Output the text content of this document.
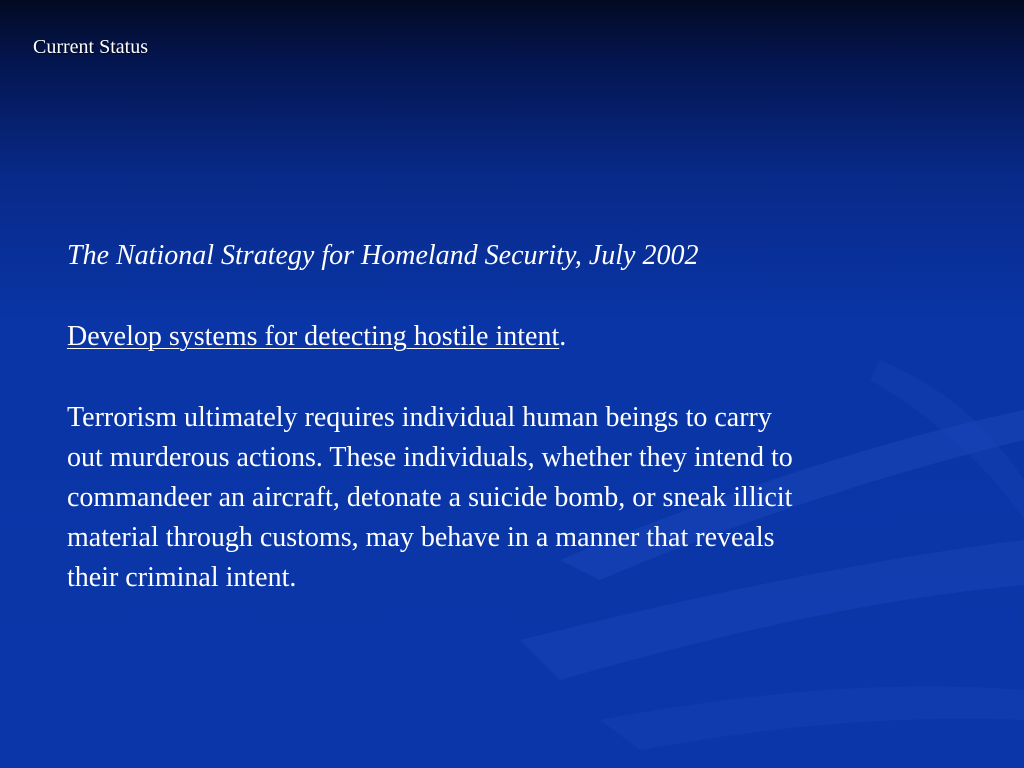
Current Status

The National Strategy for Homeland Security, July 2002

Develop systems for detecting hostile intent.

Terrorism ultimately requires individual human beings to carry
out murderous actions. These individuals, whether they intend to
commandeer an aircraft, detonate a suicide bomb, or sneak illicit
material through customs, may behave in a manner that reveals
their criminal intent.
